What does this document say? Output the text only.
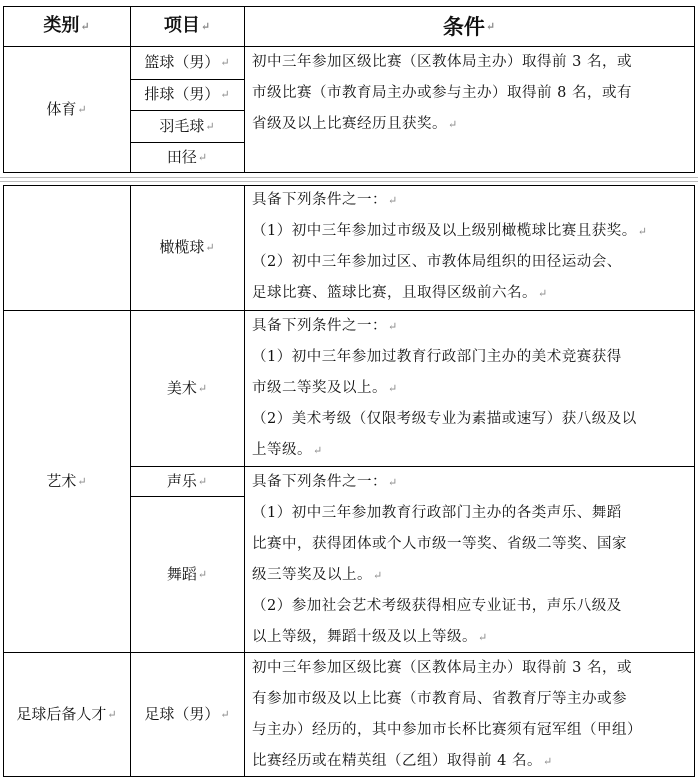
类别 ↵	项目 ↵	条件 ↵
体育 ↵
篮球（男） ↵
排球（男） ↵
羽毛球 ↵
田径 ↵
初中三年参加区级比赛（区教体局主办）取得前 3 名，或
市级比赛（市教育局主办或参与主办）取得前 8 名，或有
省级及以上比赛经历且获奖。↵
橄榄球 ↵
具备下列条件之一：↵
（1）初中三年参加过市级及以上级别橄榄球比赛且获奖。↵
（2）初中三年参加过区、市教体局组织的田径运动会、
足球比赛、篮球比赛，且取得区级前六名。↵
艺术 ↵
美术 ↵
具备下列条件之一：↵
（1）初中三年参加过教育行政部门主办的美术竞赛获得
市级二等奖及以上。↵
（2）美术考级（仅限考级专业为素描或速写）获八级及以
上等级。↵
声乐 ↵
舞蹈 ↵
具备下列条件之一：↵
（1）初中三年参加教育行政部门主办的各类声乐、舞蹈
比赛中，获得团体或个人市级一等奖、省级二等奖、国家
级三等奖及以上。↵
（2）参加社会艺术考级获得相应专业证书，声乐八级及
以上等级，舞蹈十级及以上等级。↵
足球后备人才 ↵ 足球（男） ↵
初中三年参加区级比赛（区教体局主办）取得前 3 名，或
有参加市级及以上比赛（市教育局、省教育厅等主办或参
与主办）经历的，其中参加市长杯比赛须有冠军组（甲组）
比赛经历或在精英组（乙组）取得前 4 名。↵
